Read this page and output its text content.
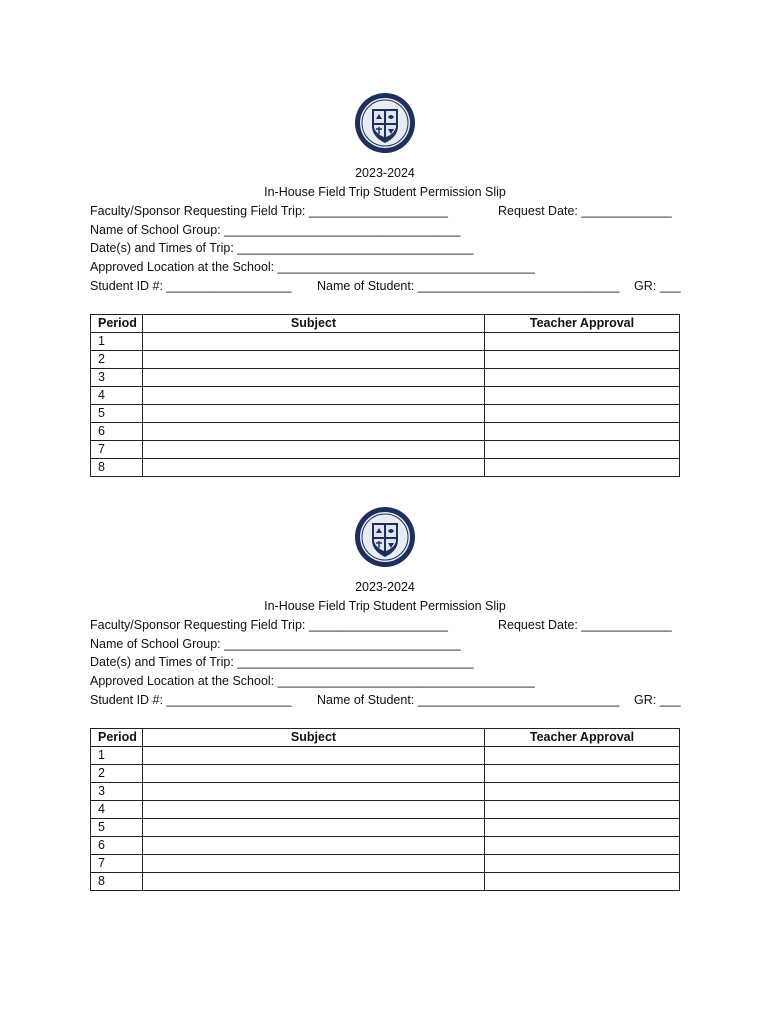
2023-2024
In-House Field Trip Student Permission Slip
Faculty/Sponsor Requesting Field Trip: ____________________	Request Date: _____________
Name of School Group: __________________________________
Date(s) and Times of Trip: __________________________________
Approved Location at the School: _____________________________________
Student ID #: __________________ Name of Student: _____________________________ GR: ___
Period	Subject	Teacher Approval
1		
2		
3		
4		
5		
6		
7		
8		
2023-2024
In-House Field Trip Student Permission Slip
Faculty/Sponsor Requesting Field Trip: ____________________	Request Date: _____________
Name of School Group: __________________________________
Date(s) and Times of Trip: __________________________________
Approved Location at the School: _____________________________________
Student ID #: __________________ Name of Student: _____________________________ GR: ___
Period	Subject	Teacher Approval
1		
2		
3		
4		
5		
6		
7		
8		
